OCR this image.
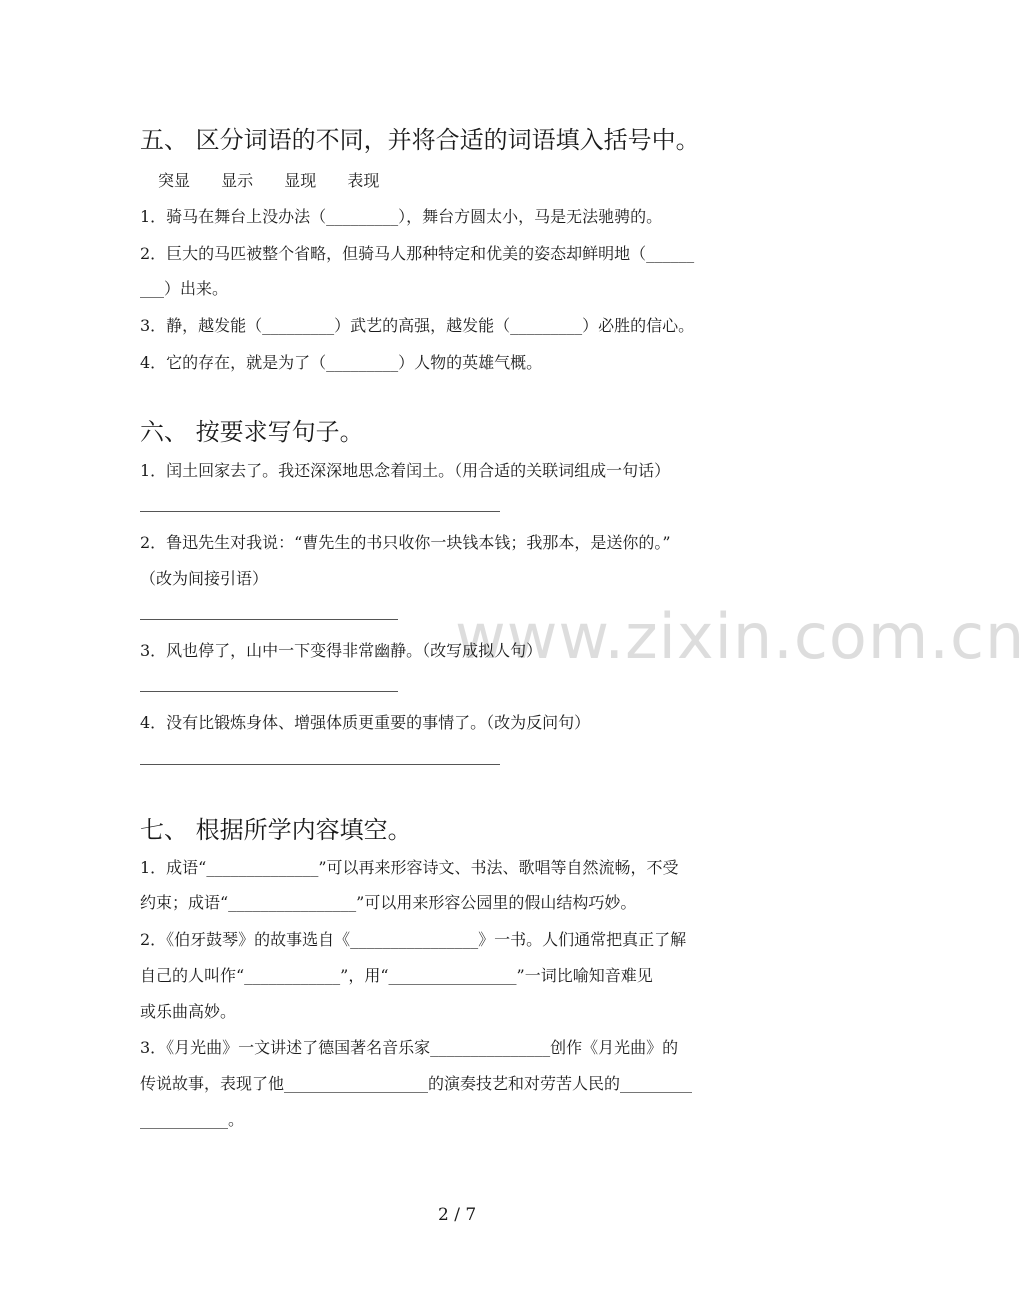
www.zixin.com.cn
五、 区分词语的不同，并将合适的词语填入括号中。
突显 显示 显现 表现
1．骑马在舞台上没办法（_________），舞台方圆太小，马是无法驰骋的。
2．巨大的马匹被整个省略，但骑马人那种特定和优美的姿态却鲜明地（______
___）出来。
3．静，越发能（_________）武艺的高强，越发能（_________）必胜的信心。
4．它的存在，就是为了（_________）人物的英雄气概。
六、 按要求写句子。
1．闰土回家去了。我还深深地思念着闰土。（用合适的关联词组成一句话）
2．鲁迅先生对我说：“曹先生的书只收你一块钱本钱；我那本，是送你的。”
（改为间接引语）
3．风也停了，山中一下变得非常幽静。（改写成拟人句）
4．没有比锻炼身体、增强体质更重要的事情了。（改为反问句）
七、 根据所学内容填空。
1．成语“______________”可以再来形容诗文、书法、歌唱等自然流畅，不受
约束；成语“________________”可以用来形容公园里的假山结构巧妙。
2．《伯牙鼓琴》的故事选自《________________》一书。人们通常把真正了解
自己的人叫作“____________”，用“________________”一词比喻知音难见
或乐曲高妙。
3．《月光曲》一文讲述了德国著名音乐家_______________创作《月光曲》的
传说故事，表现了他__________________的演奏技艺和对劳苦人民的_________
___________。
2 / 7
